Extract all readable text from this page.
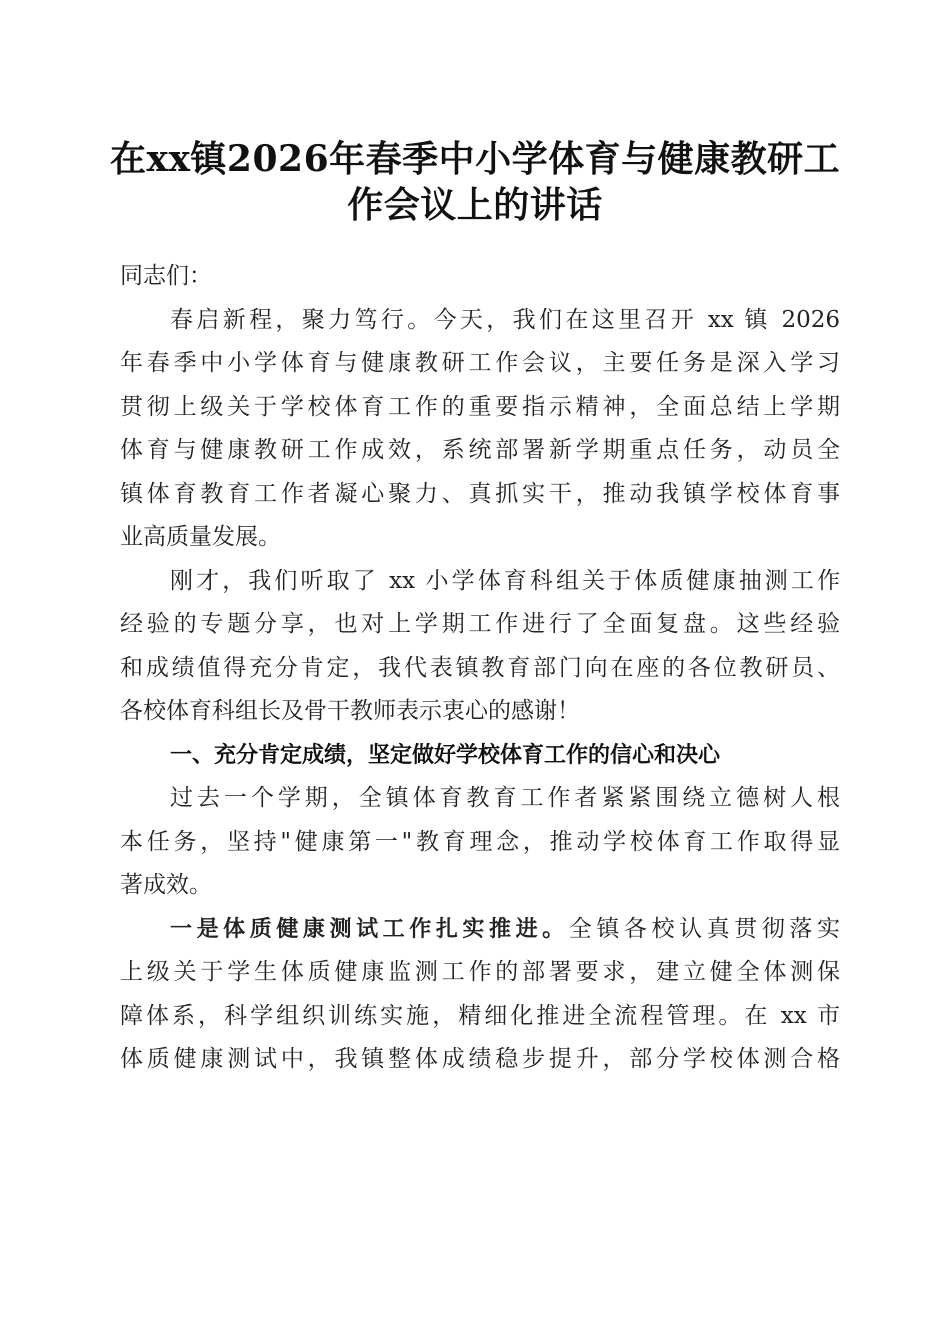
在xx镇2026年春季中小学体育与健康教研工
作会议上的讲话
同志们：
春启新程，聚力笃行。今天，我们在这里召开 xx 镇 2026
年春季中小学体育与健康教研工作会议，主要任务是深入学习
贯彻上级关于学校体育工作的重要指示精神，全面总结上学期
体育与健康教研工作成效，系统部署新学期重点任务，动员全
镇体育教育工作者凝心聚力、真抓实干，推动我镇学校体育事
业高质量发展。
刚才，我们听取了 xx 小学体育科组关于体质健康抽测工作
经验的专题分享，也对上学期工作进行了全面复盘。这些经验
和成绩值得充分肯定，我代表镇教育部门向在座的各位教研员、
各校体育科组长及骨干教师表示衷心的感谢！
一、充分肯定成绩，坚定做好学校体育工作的信心和决心
过去一个学期，全镇体育教育工作者紧紧围绕立德树人根
本任务，坚持"健康第一"教育理念，推动学校体育工作取得显
著成效。
一是体质健康测试工作扎实推进。全镇各校认真贯彻落实
上级关于学生体质健康监测工作的部署要求，建立健全体测保
障体系，科学组织训练实施，精细化推进全流程管理。在 xx 市
体质健康测试中，我镇整体成绩稳步提升，部分学校体测合格
